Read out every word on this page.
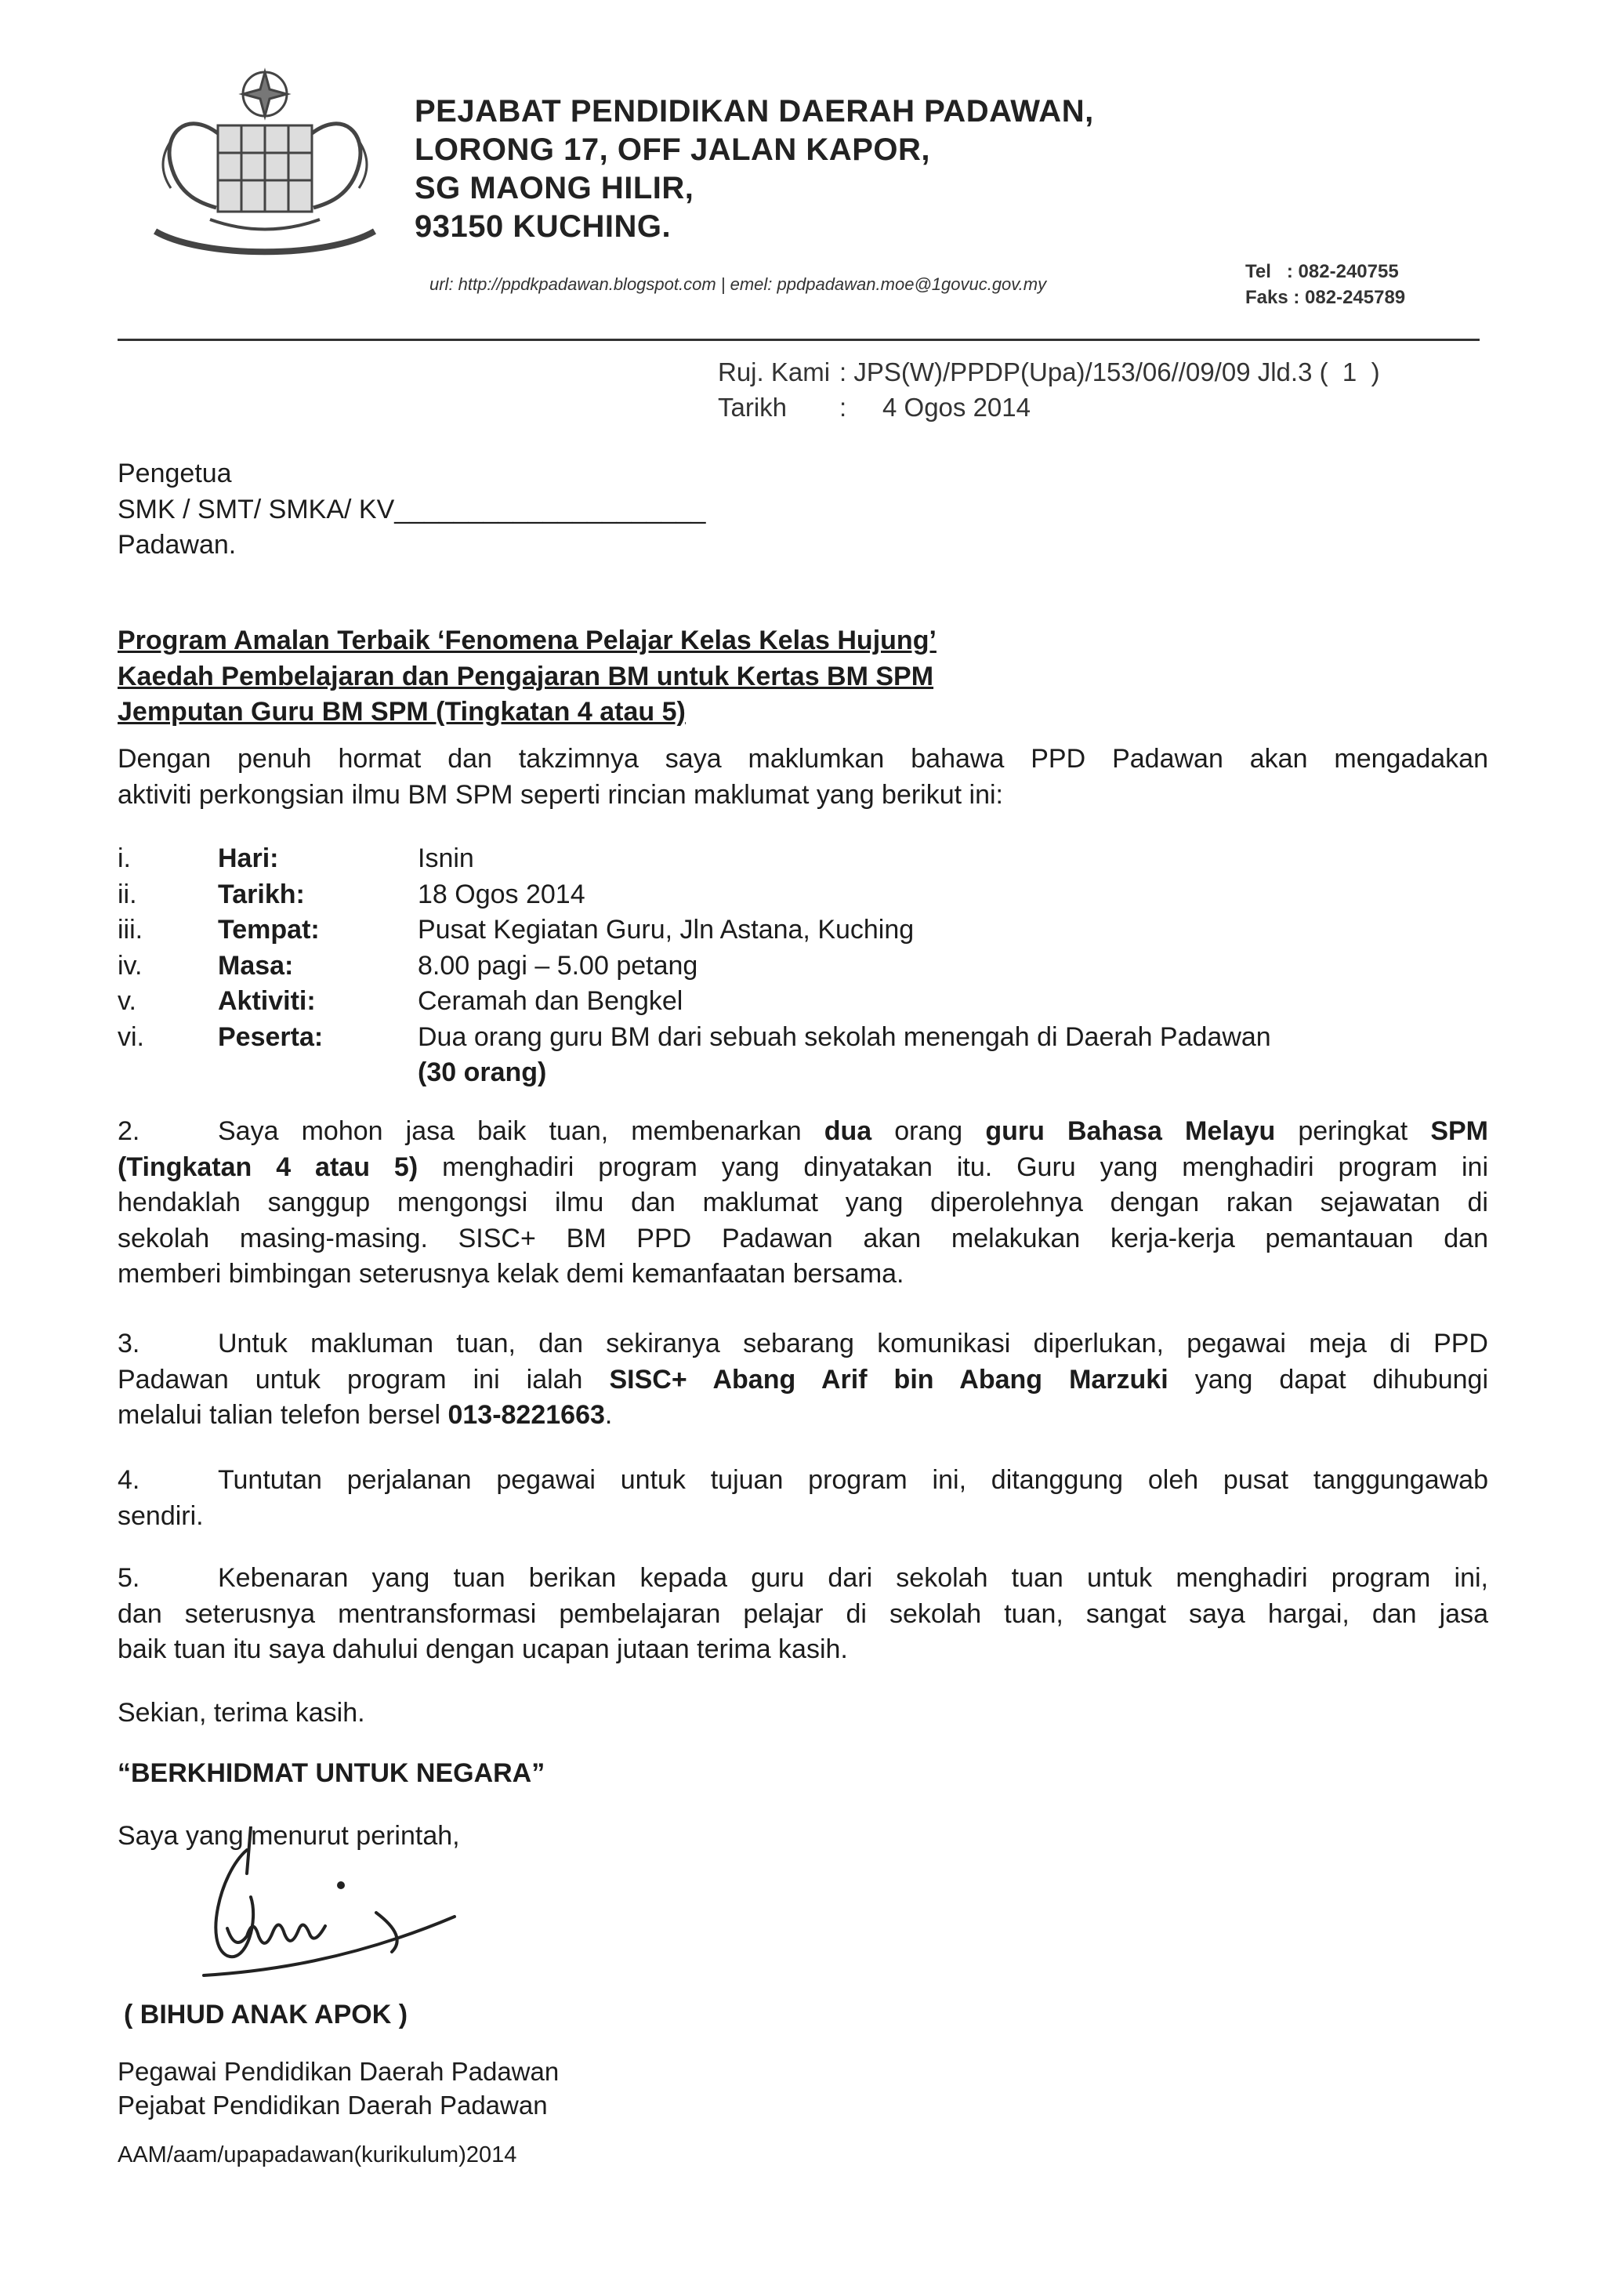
PEJABAT PENDIDIKAN DAERAH PADAWAN,
LORONG 17, OFF JALAN KAPOR,
SG MAONG HILIR,
93150 KUCHING.
url: http://ppdkpadawan.blogspot.com | emel: ppdpadawan.moe@1govuc.gov.my
Tel   : 082-240755
Faks : 082-245789
Ruj. Kami : JPS(W)/PPDP(Upa)/153/06//09/09 Jld.3 (  1  )
Tarikh :     4 Ogos 2014
Pengetua
SMK / SMT/ SMKA/ KV_____________________
Padawan.
Program Amalan Terbaik ‘Fenomena Pelajar Kelas Kelas Hujung’
Kaedah Pembelajaran dan Pengajaran BM untuk Kertas BM SPM
Jemputan Guru BM SPM (Tingkatan 4 atau 5)
Dengan penuh hormat dan takzimnya saya maklumkan bahawa PPD Padawan akan mengadakan
aktiviti perkongsian ilmu BM SPM seperti rincian maklumat yang berikut ini:
i.	Hari:	Isnin
ii.	Tarikh:	18 Ogos 2014
iii.	Tempat:	Pusat Kegiatan Guru, Jln Astana, Kuching
iv.	Masa:	8.00 pagi – 5.00 petang
v.	Aktiviti:	Ceramah dan Bengkel
vi.	Peserta:	Dua orang guru BM dari sebuah sekolah menengah di Daerah Padawan
(30 orang)
2.	Saya mohon jasa baik tuan, membenarkan dua orang guru Bahasa Melayu peringkat SPM
(Tingkatan 4 atau 5) menghadiri program yang dinyatakan itu. Guru yang menghadiri program ini
hendaklah sanggup mengongsi ilmu dan maklumat yang diperolehnya dengan rakan sejawatan di
sekolah masing-masing. SISC+ BM PPD Padawan akan melakukan kerja-kerja pemantauan dan
memberi bimbingan seterusnya kelak demi kemanfaatan bersama.
3.	Untuk makluman tuan, dan sekiranya sebarang komunikasi diperlukan, pegawai meja di PPD
Padawan untuk program ini ialah SISC+ Abang Arif bin Abang Marzuki yang dapat dihubungi
melalui talian telefon bersel 013-8221663.
4.	Tuntutan perjalanan pegawai untuk tujuan program ini, ditanggung oleh pusat tanggungawab
sendiri.
5.	Kebenaran yang tuan berikan kepada guru dari sekolah tuan untuk menghadiri program ini,
dan seterusnya mentransformasi pembelajaran pelajar di sekolah tuan, sangat saya hargai, dan jasa
baik tuan itu saya dahului dengan ucapan jutaan terima kasih.
Sekian, terima kasih.
“BERKHIDMAT UNTUK NEGARA”
Saya yang menurut perintah,
( BIHUD ANAK APOK )
Pegawai Pendidikan Daerah Padawan
Pejabat Pendidikan Daerah Padawan
AAM/aam/upapadawan(kurikulum)2014
